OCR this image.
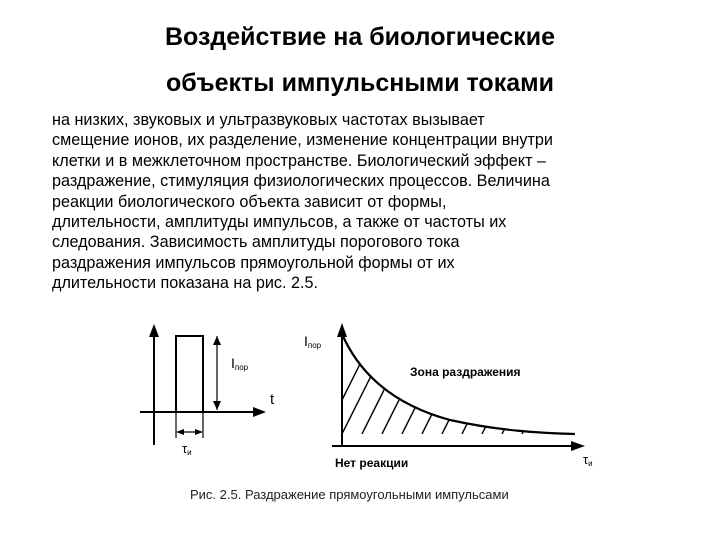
Воздействие на биологические
объекты импульсными токами
на низких, звуковых и ультразвуковых частотах вызывает
смещение ионов, их разделение, изменение концентрации внутри
клетки и в межклеточном пространстве. Биологический эффект –
раздражение, стимуляция физиологических процессов. Величина
реакции биологического объекта зависит от формы,
длительности, амплитуды импульсов, а также от частоты их
следования. Зависимость амплитуды порогового тока
раздражения импульсов прямоугольной формы от их
длительности показана на рис. 2.5.
Iпор
t
τи
Iпор
Зона раздражения
Нет реакции	τи
Рис. 2.5. Раздражение прямоугольными импульсами
